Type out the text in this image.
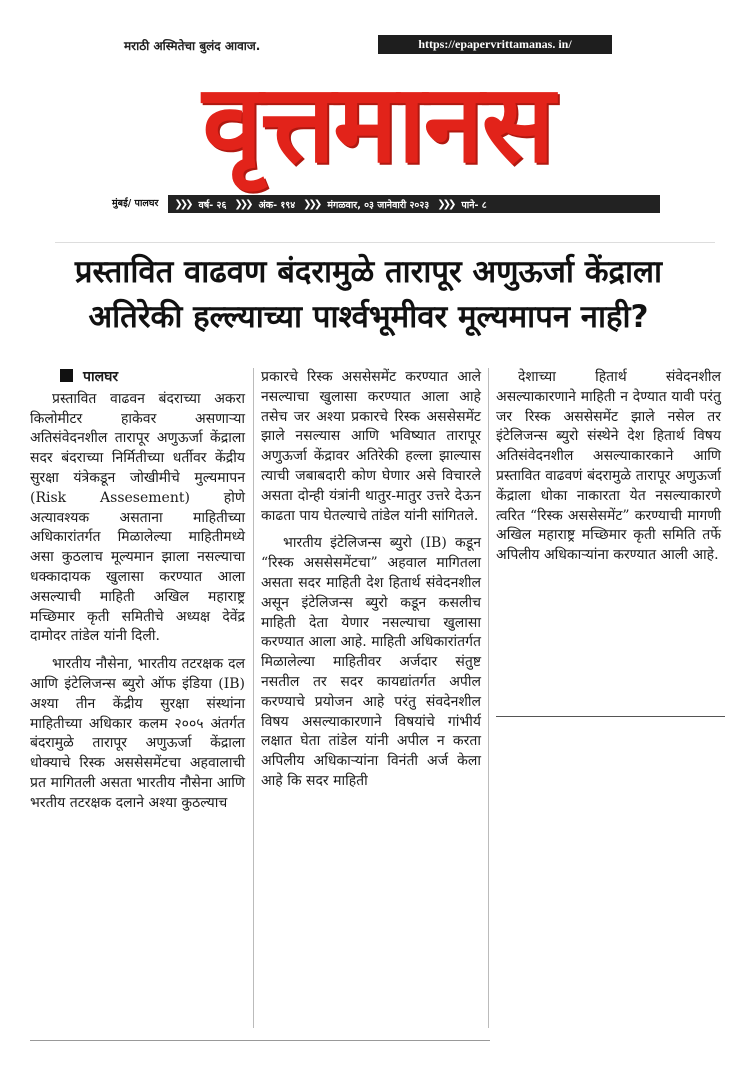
मराठी अस्मितेचा बुलंद आवाज.	https://epapervrittamanas. in/
वृत्तमानस
मुंबई/ पालघर	❯❯❯ वर्ष- २६ ❯❯❯ अंक- १९४ ❯❯❯ मंगळवार, ०३ जानेवारी २०२३ ❯❯❯ पाने- ८
प्रस्तावित वाढवण बंदरामुळे तारापूर अणुऊर्जा केंद्राला
अतिरेकी हल्ल्याच्या पार्श्वभूमीवर मूल्यमापन नाही?
पालघर

प्रस्तावित वाढवन बंदराच्या अकरा किलोमीटर हाकेवर असणाऱ्या अतिसंवेदनशील तारापूर अणुऊर्जा केंद्राला सदर बंदराच्या निर्मितीच्या धर्तीवर केंद्रीय सुरक्षा यंत्रेकडून जोखीमीचे मुल्यमापन (Risk Assesement) होणे अत्यावश्यक असताना माहितीच्या अधिकारांतर्गत मिळालेल्या माहितीमध्ये असा कुठलाच मूल्यमान झाला नसल्याचा धक्कादायक खुलासा करण्यात आला असल्याची माहिती अखिल महाराष्ट्र मच्छिमार कृती समितीचे अध्यक्ष देवेंद्र दामोदर तांडेल यांनी दिली.

भारतीय नौसेना, भारतीय तटरक्षक दल आणि इंटेलिजन्स ब्युरो ऑफ इंडिया (IB) अश्या तीन केंद्रीय सुरक्षा संस्थांना माहितीच्या अधिकार कलम २००५ अंतर्गत बंदरामुळे तारापूर अणुऊर्जा केंद्राला धोक्याचे रिस्क अससेसमेंटचा अहवालाची प्रत मागितली असता भारतीय नौसेना आणि भरतीय तटरक्षक दलाने अश्या कुठल्याच

प्रकारचे रिस्क अससेसमेंट करण्यात आले नसल्याचा खुलासा करण्यात आला आहे तसेच जर अश्या प्रकारचे रिस्क अससेसमेंट झाले नसल्यास आणि भविष्यात तारापूर अणुऊर्जा केंद्रावर अतिरेकी हल्ला झाल्यास त्याची जबाबदारी कोण घेणार असे विचारले असता दोन्ही यंत्रांनी थातुर-मातुर उत्तरे देऊन काढता पाय घेतल्याचे तांडेल यांनी सांगितले.

भारतीय इंटेलिजन्स ब्युरो (IB) कडून “रिस्क अससेसमेंटचा” अहवाल मागितला असता सदर माहिती देश हितार्थ संवेदनशील असून इंटेलिजन्स ब्युरो कडून कसलीच माहिती देता येणार नसल्याचा खुलासा करण्यात आला आहे. माहिती अधिकारांतर्गत मिळालेल्या माहितीवर अर्जदार संतुष्ट नसतील तर सदर कायद्यांतर्गत अपील करण्याचे प्रयोजन आहे परंतु संवदेनशील विषय असल्याकारणाने विषयांचे गांभीर्य लक्षात घेता तांडेल यांनी अपील न करता अपिलीय अधिकाऱ्यांना विनंती अर्ज केला आहे कि सदर माहिती

देशाच्या हितार्थ संवेदनशील असल्याकारणाने माहिती न देण्यात यावी परंतु जर रिस्क अससेसमेंट झाले नसेल तर इंटेलिजन्स ब्युरो संस्थेने देश हितार्थ विषय अतिसंवेदनशील असल्याकारकाने आणि प्रस्तावित वाढवणं बंदरामुळे तारापूर अणुऊर्जा केंद्राला धोका नाकारता येत नसल्याकारणे त्वरित “रिस्क अससेसमेंट” करण्याची मागणी अखिल महाराष्ट्र मच्छिमार कृती समिति तर्फे अपिलीय अधिकाऱ्यांना करण्यात आली आहे.
